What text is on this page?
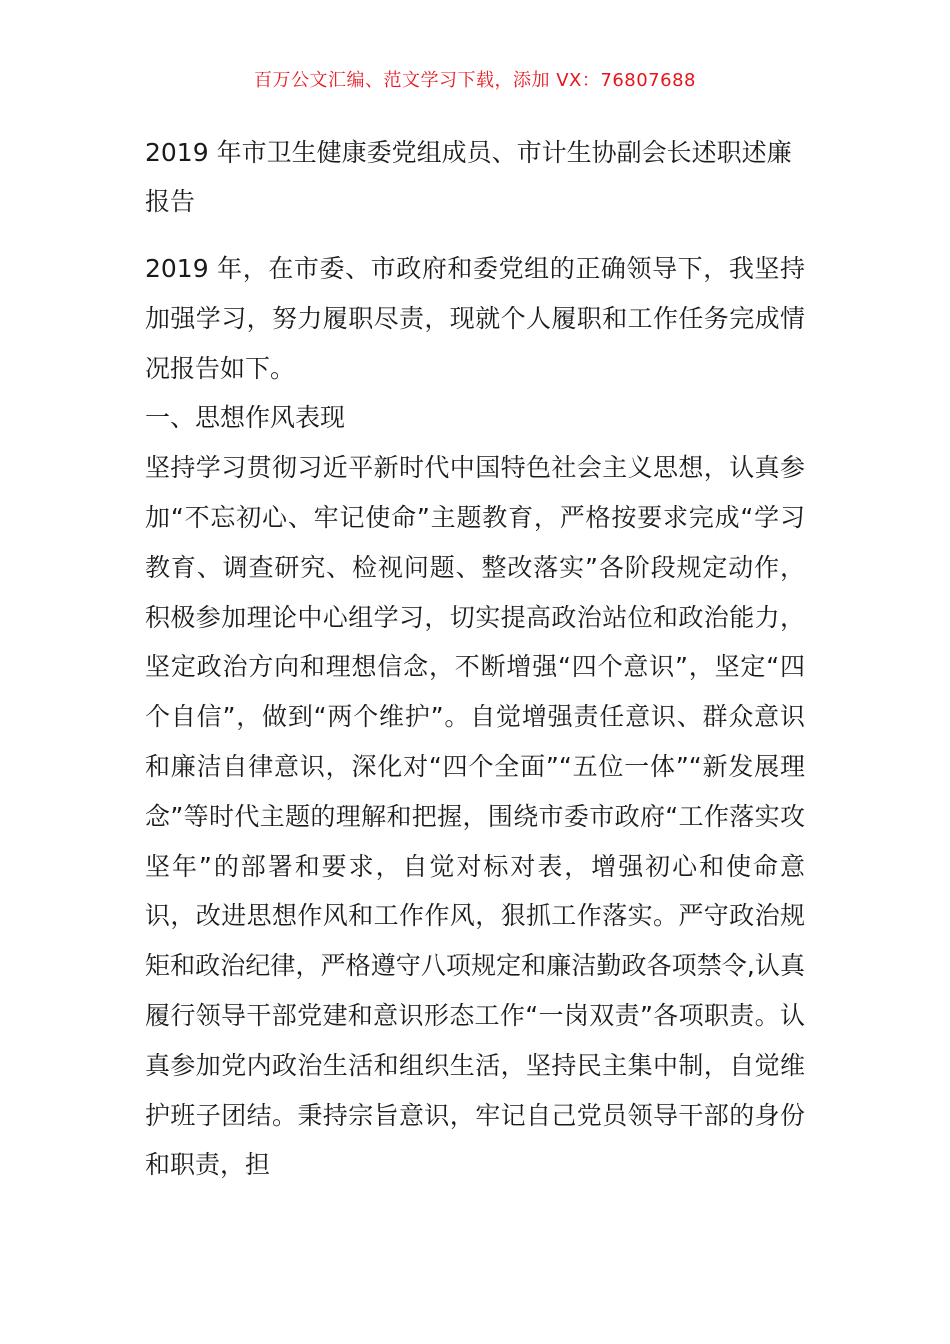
百万公文汇编、范文学习下载，添加 VX：76807688
2019 年市卫生健康委党组成员、市计生协副会长述职述廉报告

2019 年，在市委、市政府和委党组的正确领导下，我坚持加强学习，努力履职尽责，现就个人履职和工作任务完成情况报告如下。

一、思想作风表现

坚持学习贯彻习近平新时代中国特色社会主义思想，认真参加“不忘初心、牢记使命”主题教育，严格按要求完成“学习教育、调查研究、检视问题、整改落实”各阶段规定动作，积极参加理论中心组学习，切实提高政治站位和政治能力，坚定政治方向和理想信念，不断增强“四个意识”，坚定“四个自信”，做到“两个维护”。自觉增强责任意识、群众意识和廉洁自律意识，深化对“四个全面”“五位一体”“新发展理念”等时代主题的理解和把握，围绕市委市政府“工作落实攻坚年”的部署和要求，自觉对标对表，增强初心和使命意识，改进思想作风和工作作风，狠抓工作落实。严守政治规矩和政治纪律，严格遵守八项规定和廉洁勤政各项禁令,认真履行领导干部党建和意识形态工作“一岗双责”各项职责。认真参加党内政治生活和组织生活，坚持民主集中制，自觉维护班子团结。秉持宗旨意识，牢记自己党员领导干部的身份和职责，担
